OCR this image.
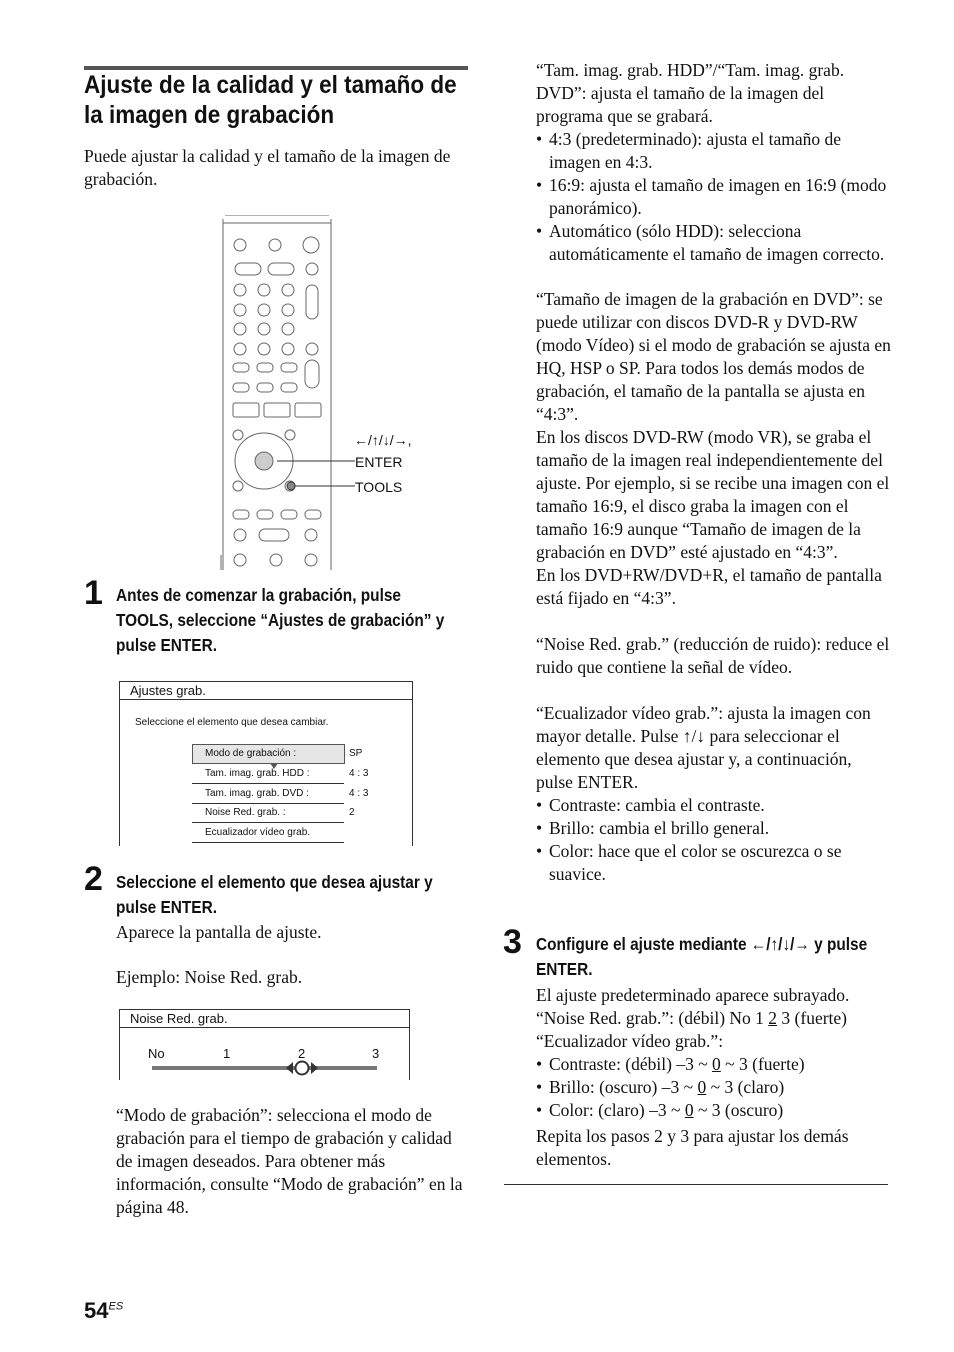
Ajuste de la calidad y el tamaño de la imagen de grabación

Puede ajustar la calidad y el tamaño de la imagen de grabación.

←/↑/↓/→,
ENTER
TOOLS
1 Antes de comenzar la grabación, pulse TOOLS, seleccione “Ajustes de grabación” y pulse ENTER.
Ajustes grab.
Seleccione el elemento que desea cambiar.
Modo de grabación :	SP
Tam. imag. grab. HDD :	4 : 3
Tam. imag. grab. DVD :	4 : 3
Noise Red. grab. :	2
Ecualizador vídeo grab.
2 Seleccione el elemento que desea ajustar y pulse ENTER.
Aparece la pantalla de ajuste.
Ejemplo: Noise Red. grab.
Noise Red. grab.
No	1	2	3

“Modo de grabación”: selecciona el modo de grabación para el tiempo de grabación y calidad de imagen deseados. Para obtener más información, consulte “Modo de grabación” en la página 48.

“Tam. imag. grab. HDD”/“Tam. imag. grab. DVD”: ajusta el tamaño de la imagen del programa que se grabará.

• 4:3 (predeterminado): ajusta el tamaño de imagen en 4:3.
• 16:9: ajusta el tamaño de imagen en 16:9 (modo panorámico).
• Automático (sólo HDD): selecciona automáticamente el tamaño de imagen correcto.

“Tamaño de imagen de la grabación en DVD”: se puede utilizar con discos DVD-R y DVD-RW (modo Vídeo) si el modo de grabación se ajusta en HQ, HSP o SP. Para todos los demás modos de grabación, el tamaño de la pantalla se ajusta en “4:3”.

En los discos DVD-RW (modo VR), se graba el tamaño de la imagen real independientemente del ajuste. Por ejemplo, si se recibe una imagen con el tamaño 16:9, el disco graba la imagen con el tamaño 16:9 aunque “Tamaño de imagen de la grabación en DVD” esté ajustado en “4:3”.

En los DVD+RW/DVD+R, el tamaño de pantalla está fijado en “4:3”.

“Noise Red. grab.” (reducción de ruido): reduce el ruido que contiene la señal de vídeo.

“Ecualizador vídeo grab.”: ajusta la imagen con mayor detalle. Pulse ↑/↓ para seleccionar el elemento que desea ajustar y, a continuación, pulse ENTER.

• Contraste: cambia el contraste.
• Brillo: cambia el brillo general.
• Color: hace que el color se oscurezca o se suavice.
3 Configure el ajuste mediante ←/↑/↓/→ y pulse ENTER.
El ajuste predeterminado aparece subrayado.
“Noise Red. grab.”: (débil) No 1 2 3 (fuerte)
“Ecualizador vídeo grab.”:
• Contraste: (débil) –3 ~ 0 ~ 3 (fuerte)
• Brillo: (oscuro) –3 ~ 0 ~ 3 (claro)
• Color: (claro) –3 ~ 0 ~ 3 (oscuro)

Repita los pasos 2 y 3 para ajustar los demás elementos.

$54^{ES}$
